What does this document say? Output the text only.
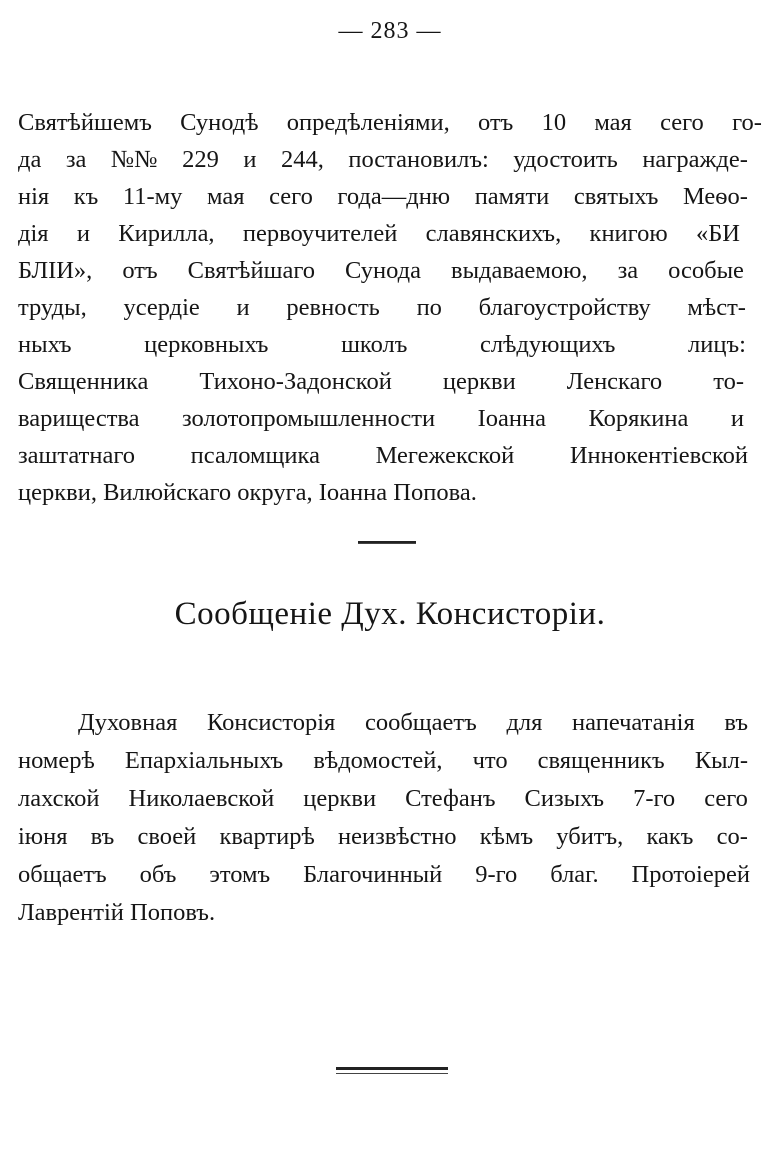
— 283 —
Святѣйшемъ Сунодѣ опредѣленіями, отъ 10 мая сего го-
да за №№ 229 и 244, постановилъ: удостоить награжде-
нія къ 11-му мая сего года—дню памяти святыхъ Меѳо-
дія и Кирилла, первоучителей славянскихъ, книгою «БИ
БЛІИ», отъ Святѣйшаго Сунода выдаваемою, за особые
труды, усердіе и ревность по благоустройству мѣст-
ныхъ	церковныхъ	школъ	слѣдующихъ	лицъ:
Священника Тихоно-Задонской церкви Ленскаго то-
варищества золотопромышленности Іоанна Корякина и
заштатнаго псаломщика Мегежекской Иннокентіевской
церкви, Вилюйскаго округа, Іоанна Попова.
Сообщеніе Дух. Консисторіи.
Духовная Консисторія сообщаетъ для напечатанія въ
номерѣ Епархіальныхъ вѣдомостей, что священникъ Кыл-
лахской Николаевской церкви Стефанъ Сизыхъ 7-го сего
іюня въ своей квартирѣ неизвѣстно кѣмъ убитъ, какъ со-
общаетъ объ этомъ Благочинный 9-го благ. Протоіерей
Лаврентій Поповъ.
